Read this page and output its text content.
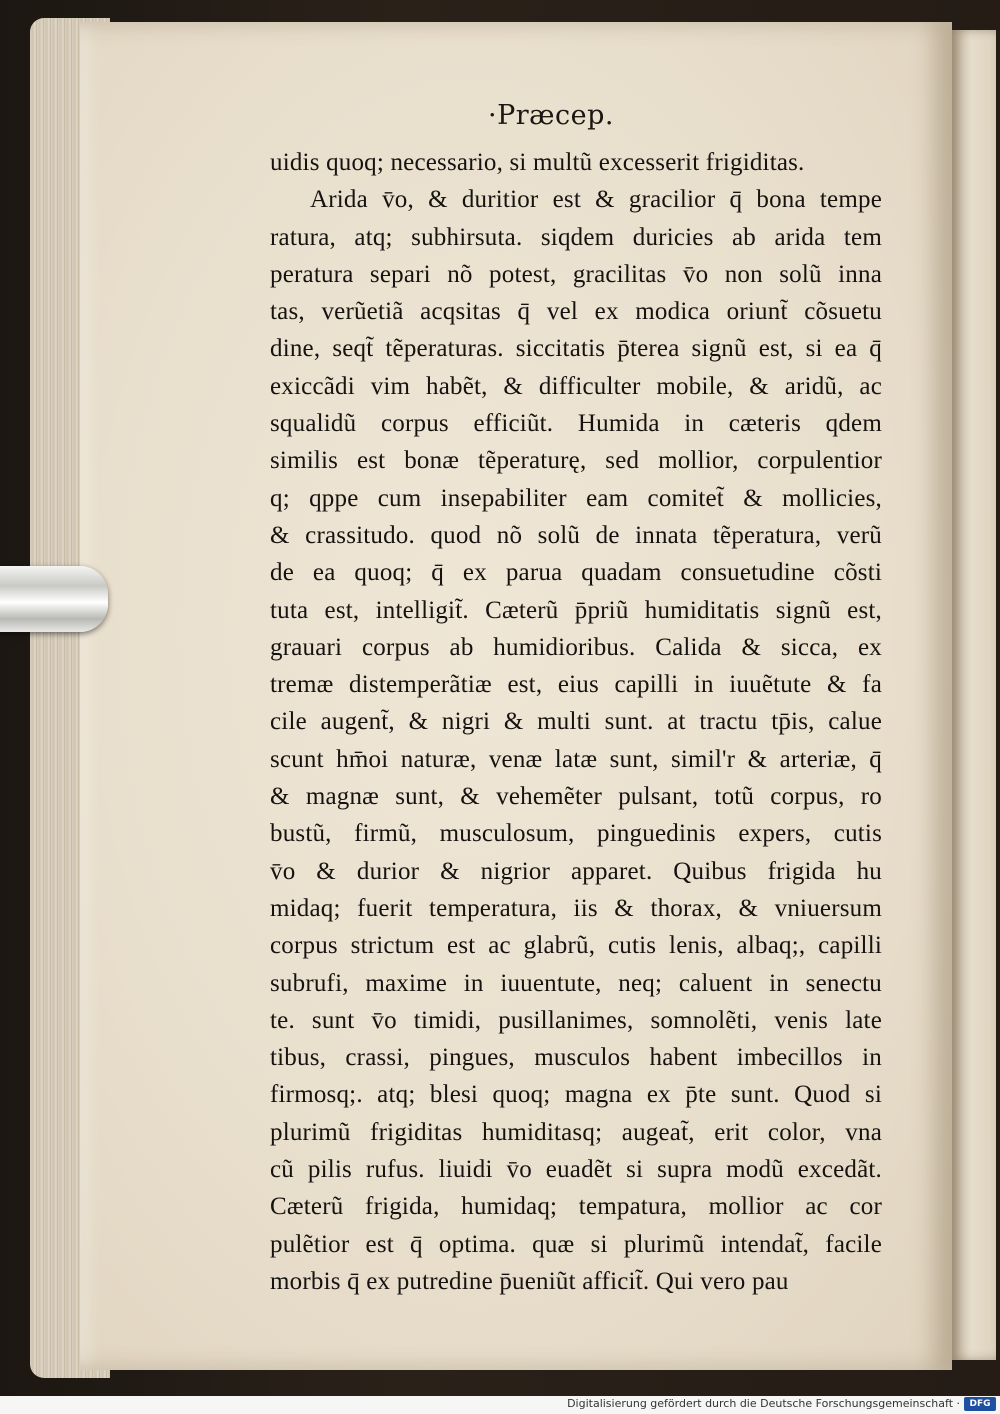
·Præcep.
uidis quoq; necessario, si multũ excesserit frigiditas.
Arida v̄o, & duritior est & gracilior q̄ bona tempe
ratura, atq; subhirsuta. siqdem duricies ab arida tem
peratura separi nõ potest, gracilitas v̄o non solũ inna
tas, verũetiã acqsitas q̄ vel ex modica oriunt̃ cõsuetu
dine, seqt̃ tẽperaturas. siccitatis p̄terea signũ est, si ea q̄
exiccãdi vim habẽt, & difficulter mobile, & aridũ, ac
squalidũ corpus efficiũt. Humida in cæteris qdem
similis est bonæ tẽperaturę, sed mollior, corpulentior
q; qppe cum insepabiliter eam comitet̃ & mollicies,
& crassitudo. quod nõ solũ de innata tẽperatura, verũ
de ea quoq; q̄ ex parua quadam consuetudine cõsti
tuta est, intelligit̃. Cæterũ p̄priũ humiditatis signũ est,
grauari corpus ab humidioribus. Calida & sicca, ex
tremæ distemperãtiæ est, eius capilli in iuuẽtute & fa
cile augent̃, & nigri & multi sunt. at tractu tp̄is, calue
scunt hm̄oi naturæ, venæ latæ sunt, simil'r & arteriæ, q̄
& magnæ sunt, & vehemẽter pulsant, totũ corpus, ro
bustũ, firmũ, musculosum, pinguedinis expers, cutis
v̄o & durior & nigrior apparet. Quibus frigida hu
midaq; fuerit temperatura, iis & thorax, & vniuersum
corpus strictum est ac glabrũ, cutis lenis, albaq;, capilli
subrufi, maxime in iuuentute, neq; caluent in senectu
te. sunt v̄o timidi, pusillanimes, somnolẽti, venis late
tibus, crassi, pingues, musculos habent imbecillos in
firmosq;. atq; blesi quoq; magna ex p̄te sunt. Quod si
plurimũ frigiditas humiditasq; augeat̃, erit color, vna
cũ pilis rufus. liuidi v̄o euadẽt si supra modũ excedãt.
Cæterũ frigida, humidaq; tempatura, mollior ac cor
pulẽtior est q̄ optima. quæ si plurimũ intendat̃, facile
morbis q̄ ex putredine p̄ueniũt afficit̃. Qui vero pau
Digitalisierung gefördert durch die Deutsche Forschungsgemeinschaft ·	DFG
